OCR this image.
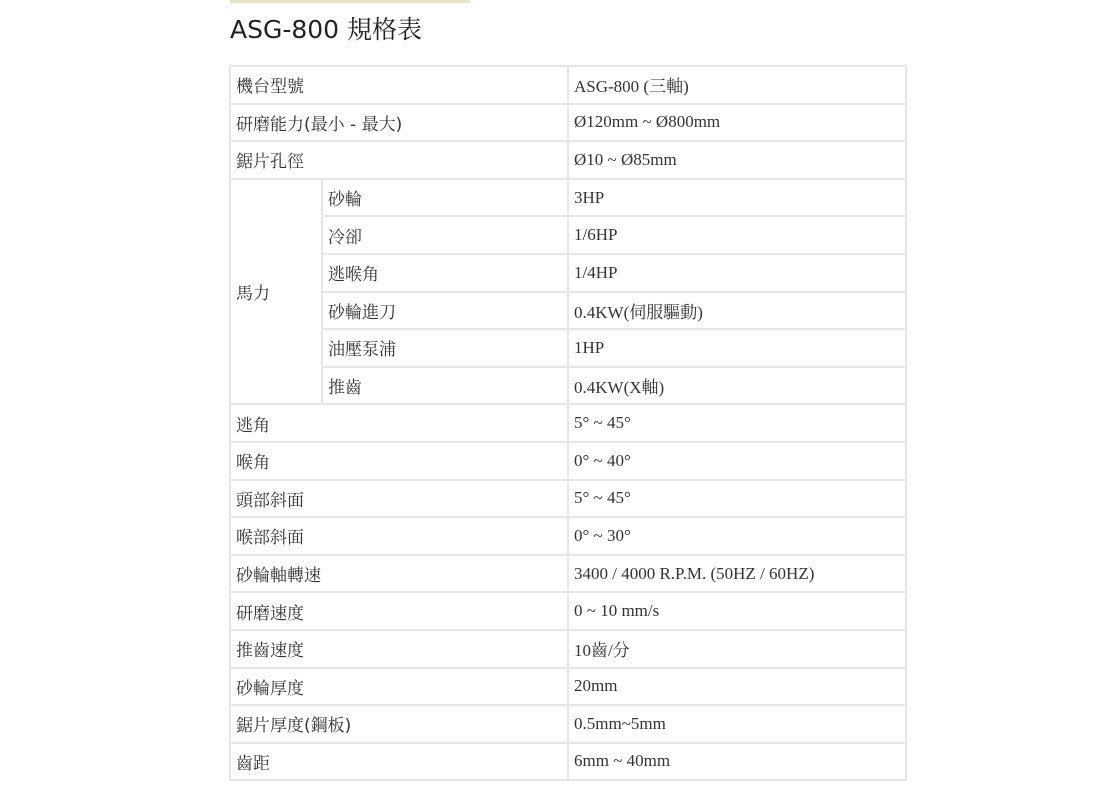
ASG-800 規格表
機台型號		ASG-800 (三軸)
研磨能力(最小 - 最大)		Ø120mm ~ Ø800mm
鋸片孔徑		Ø10 ~ Ø85mm
馬力	砂輪	3HP
	冷卻	1/6HP
	逃喉角	1/4HP
	砂輪進刀	0.4KW(伺服驅動)
	油壓泵浦	1HP
	推齒	0.4KW(X軸)
逃角		5° ~ 45°
喉角		0° ~ 40°
頭部斜面		5° ~ 45°
喉部斜面		0° ~ 30°
砂輪軸轉速		3400 / 4000 R.P.M. (50HZ / 60HZ)
研磨速度		0 ~ 10 mm/s
推齒速度		10齒/分
砂輪厚度		20mm
鋸片厚度(鋼板)		0.5mm~5mm
齒距		6mm ~ 40mm
